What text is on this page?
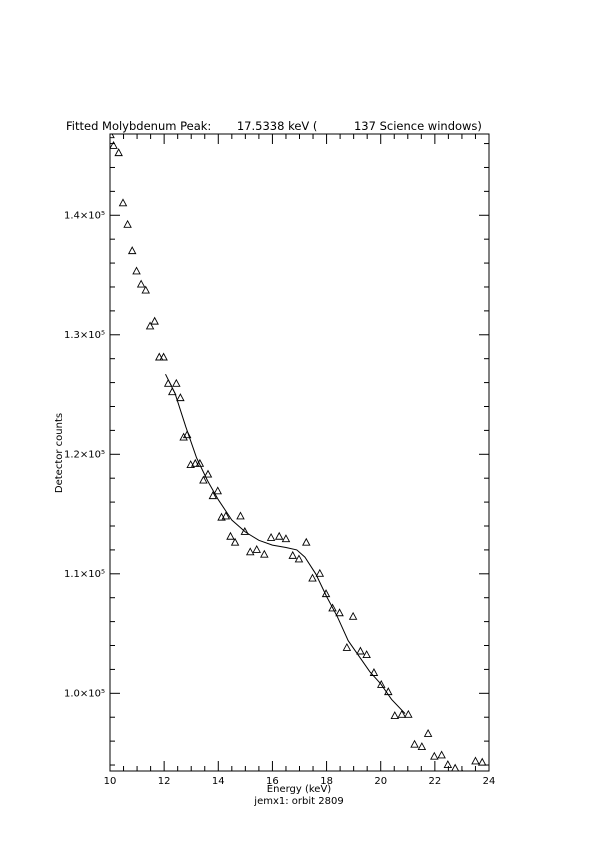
Fitted Molybdenum Peak:       17.5338 keV (          137 Science windows)
10	12	14	16	18	20	22	24
1.0×10⁵
1.1×10⁵
1.2×10⁵
1.3×10⁵
1.4×10⁵
Energy (keV)
jemx1: orbit 2809
Detector counts
